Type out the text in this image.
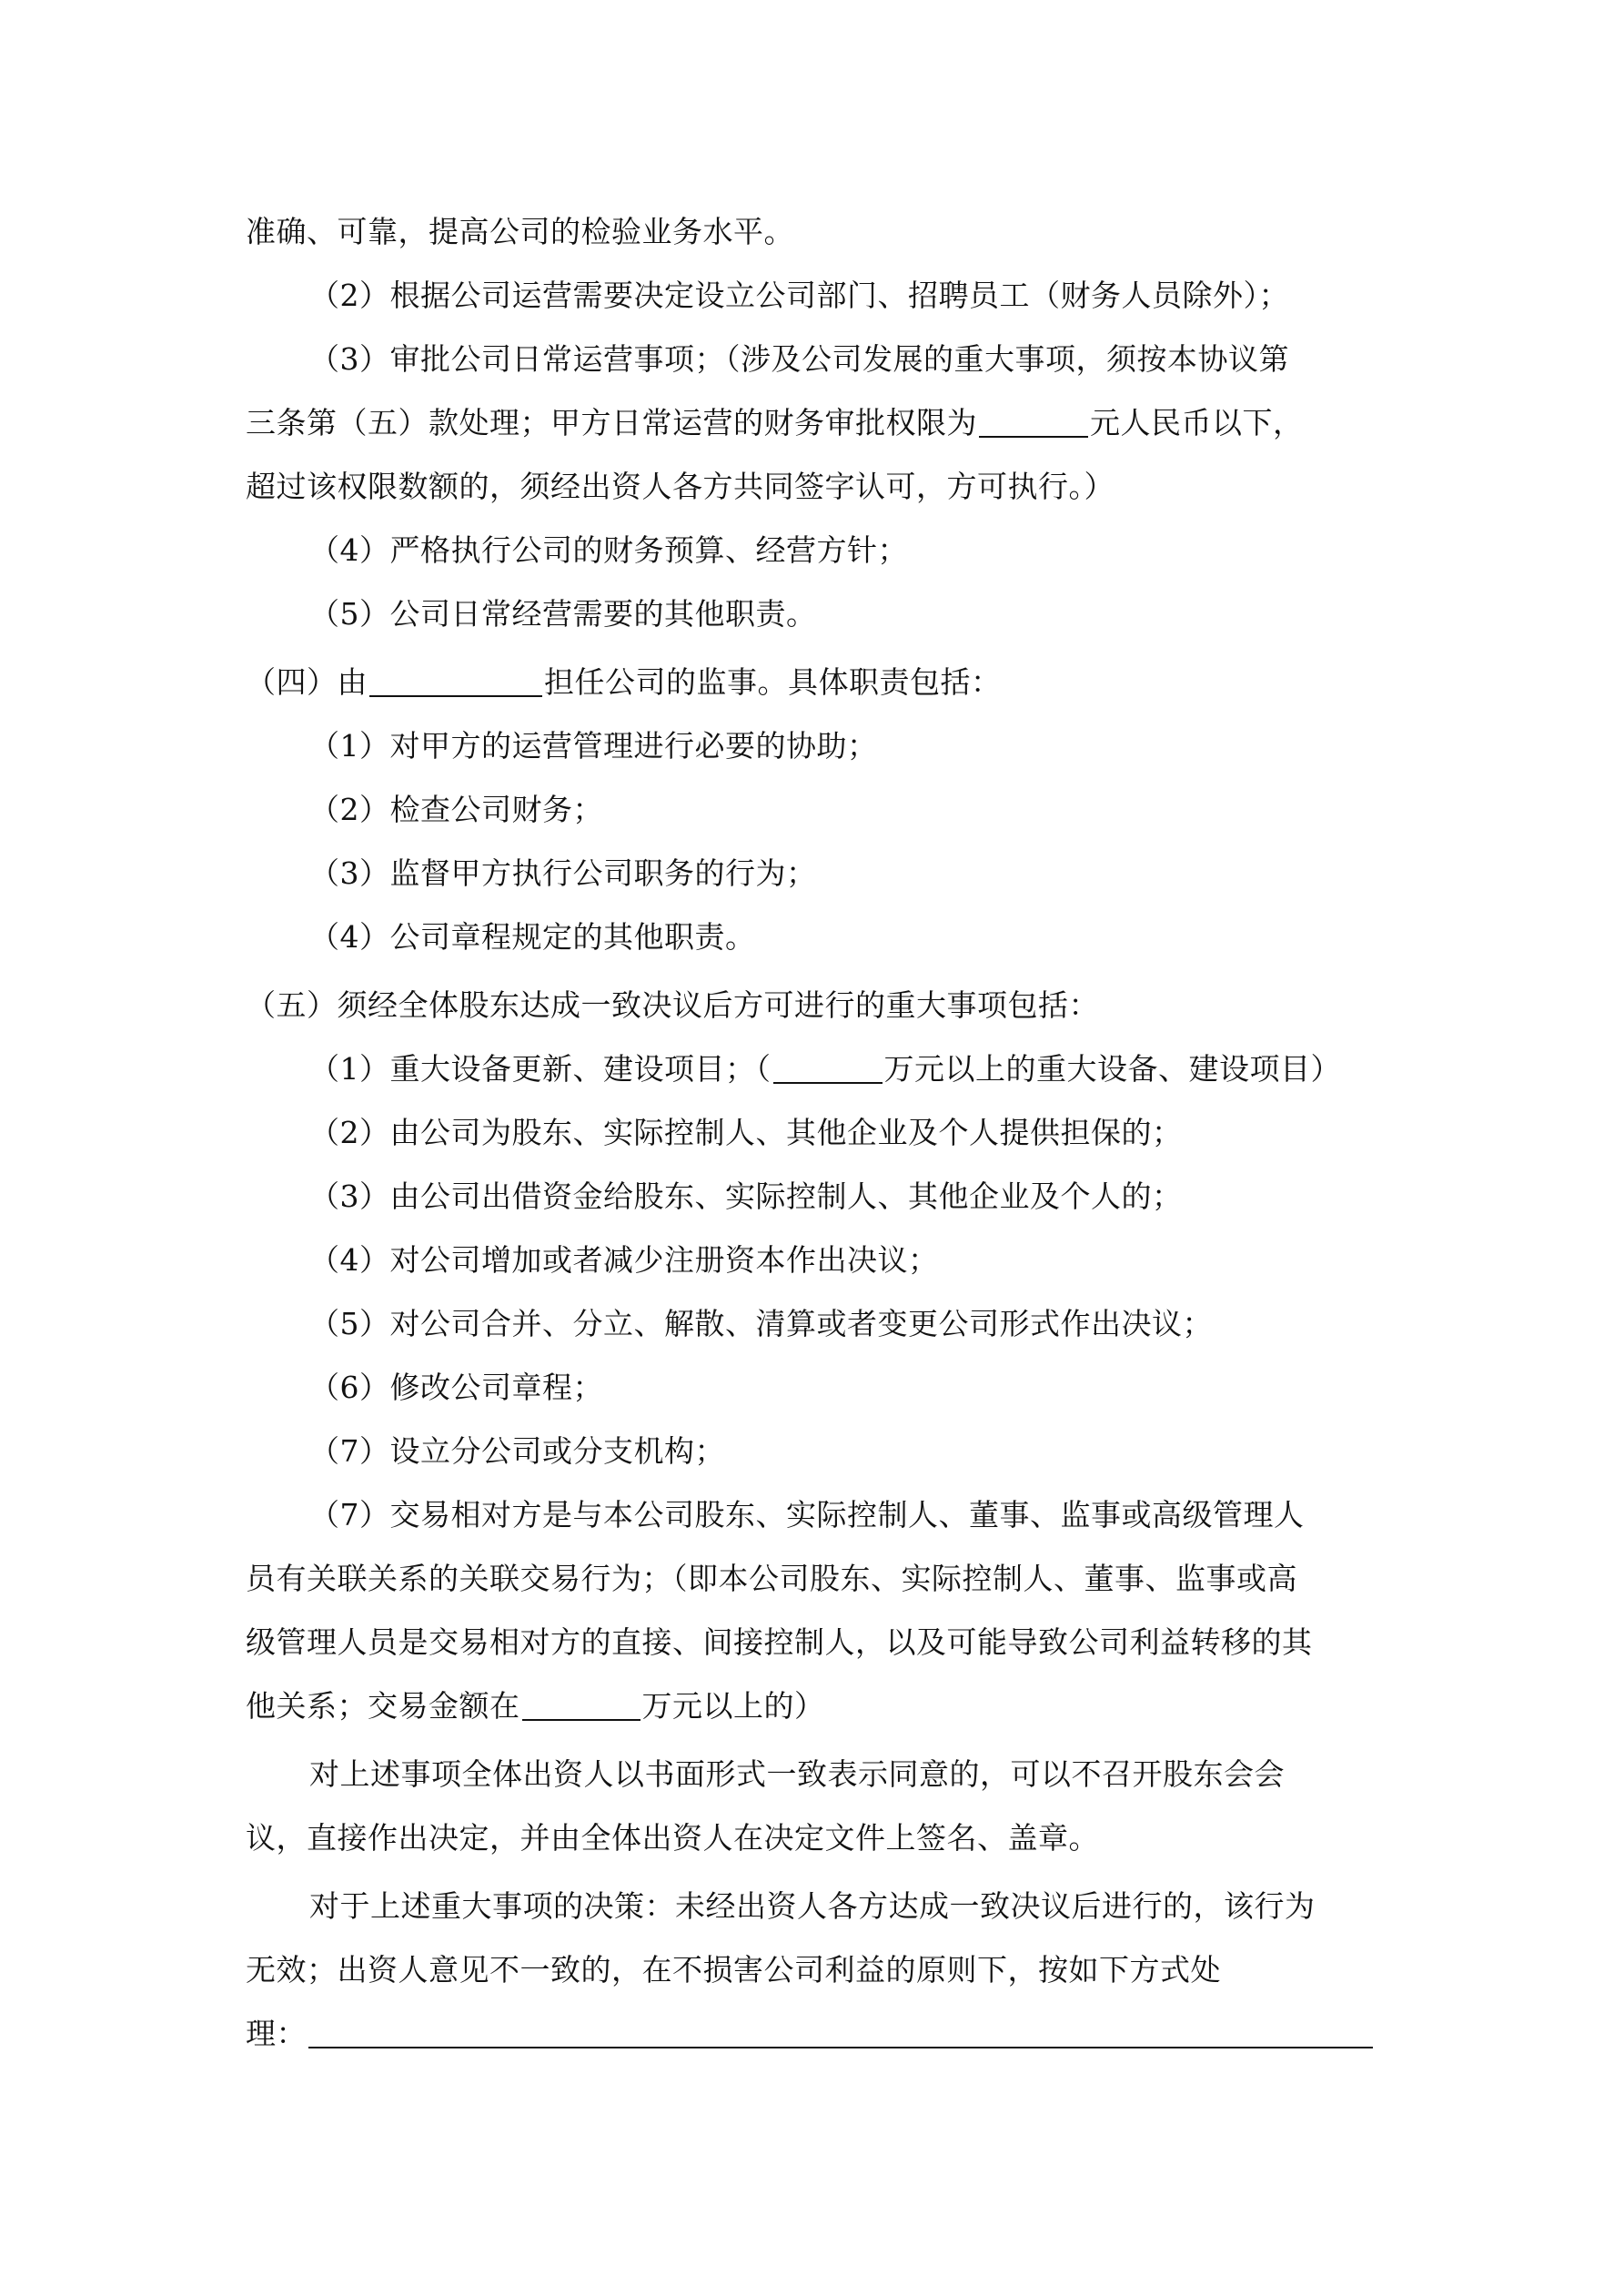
准确、可靠，提高公司的检验业务水平。
（2）根据公司运营需要决定设立公司部门、招聘员工（财务人员除外）；
（3）审批公司日常运营事项；（涉及公司发展的重大事项，须按本协议第
三条第（五）款处理；甲方日常运营的财务审批权限为	元人民币以下，
超过该权限数额的，须经出资人各方共同签字认可，方可执行。）
（4）严格执行公司的财务预算、经营方针；
（5）公司日常经营需要的其他职责。
（四）由	担任公司的监事。具体职责包括：
（1）对甲方的运营管理进行必要的协助；
（2）检查公司财务；
（3）监督甲方执行公司职务的行为；
（4）公司章程规定的其他职责。
（五）须经全体股东达成一致决议后方可进行的重大事项包括：
（1）重大设备更新、建设项目；（	万元以上的重大设备、建设项目）
（2）由公司为股东、实际控制人、其他企业及个人提供担保的；
（3）由公司出借资金给股东、实际控制人、其他企业及个人的；
（4）对公司增加或者减少注册资本作出决议；
（5）对公司合并、分立、解散、清算或者变更公司形式作出决议；
（6）修改公司章程；
（7）设立分公司或分支机构；
（7）交易相对方是与本公司股东、实际控制人、董事、监事或高级管理人
员有关联关系的关联交易行为；（即本公司股东、实际控制人、董事、监事或高
级管理人员是交易相对方的直接、间接控制人，以及可能导致公司利益转移的其
他关系；交易金额在	万元以上的）
对上述事项全体出资人以书面形式一致表示同意的，可以不召开股东会会
议，直接作出决定，并由全体出资人在决定文件上签名、盖章。
对于上述重大事项的决策：未经出资人各方达成一致决议后进行的，该行为
无效；出资人意见不一致的，在不损害公司利益的原则下，按如下方式处
理：
